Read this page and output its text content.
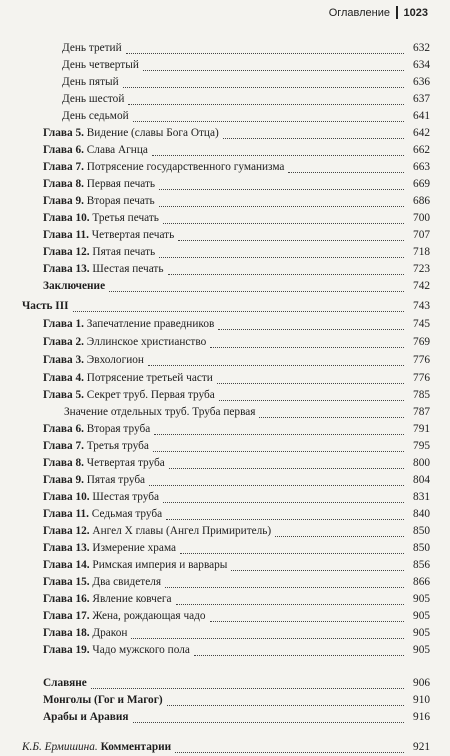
Оглавление 1023
День третий	632
День четвертый	634
День пятый	636
День шестой	637
День седьмой	641
Глава 5. Видение (славы Бога Отца)	642
Глава 6. Слава Агнца	662
Глава 7. Потрясение государственного гуманизма	663
Глава 8. Первая печать	669
Глава 9. Вторая печать	686
Глава 10. Третья печать	700
Глава 11. Четвертая печать	707
Глава 12. Пятая печать	718
Глава 13. Шестая печать	723
Заключение	742
Часть III	743
Глава 1. Запечатление праведников	745
Глава 2. Эллинское христианство	769
Глава 3. Эвхологион	776
Глава 4. Потрясение третьей части	776
Глава 5. Секрет труб. Первая труба	785
Значение отдельных труб. Труба первая	787
Глава 6. Вторая труба	791
Глава 7. Третья труба	795
Глава 8. Четвертая труба	800
Глава 9. Пятая труба	804
Глава 10. Шестая труба	831
Глава 11. Седьмая труба	840
Глава 12. Ангел X главы (Ангел Примиритель)	850
Глава 13. Измерение храма	850
Глава 14. Римская империя и варвары	856
Глава 15. Два свидетеля	866
Глава 16. Явление ковчега	905
Глава 17. Жена, рождающая чадо	905
Глава 18. Дракон	905
Глава 19. Чадо мужского пола	905
Славяне	906
Монголы (Гог и Магог)	910
Арабы и Аравия	916
К.Б. Ермишина. Комментарии	921
